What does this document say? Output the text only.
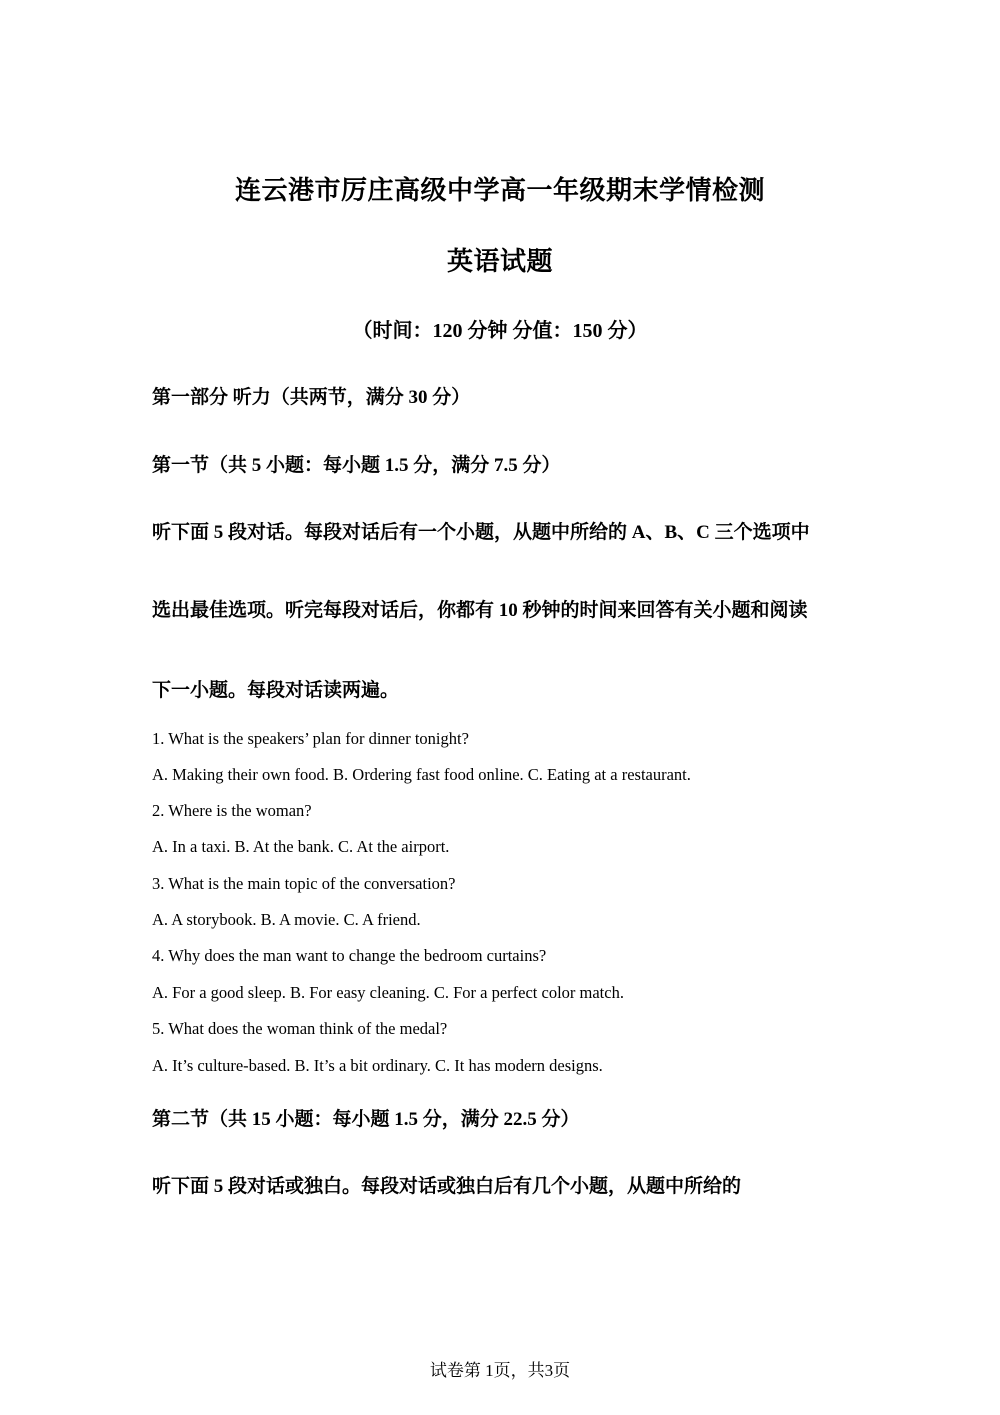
连云港市厉庄高级中学高一年级期末学情检测
英语试题
（时间：120 分钟 分值：150 分）
第一部分 听力（共两节，满分 30 分）
第一节（共 5 小题：每小题 1.5 分，满分 7.5 分）
听下面 5 段对话。每段对话后有一个小题，从题中所给的 A、B、C 三个选项中
选出最佳选项。听完每段对话后，你都有 10 秒钟的时间来回答有关小题和阅读
下一小题。每段对话读两遍。
1. What is the speakers’ plan for dinner tonight?
A. Making their own food. B. Ordering fast food online. C. Eating at a restaurant.
2. Where is the woman?
A. In a taxi. B. At the bank. C. At the airport.
3. What is the main topic of the conversation?
A. A storybook. B. A movie. C. A friend.
4. Why does the man want to change the bedroom curtains?
A. For a good sleep. B. For easy cleaning. C. For a perfect color match.
5. What does the woman think of the medal?
A. It’s culture-based. B. It’s a bit ordinary. C. It has modern designs.
第二节（共 15 小题：每小题 1.5 分，满分 22.5 分）
听下面 5 段对话或独白。每段对话或独白后有几个小题，从题中所给的
试卷第 1页，共3页
